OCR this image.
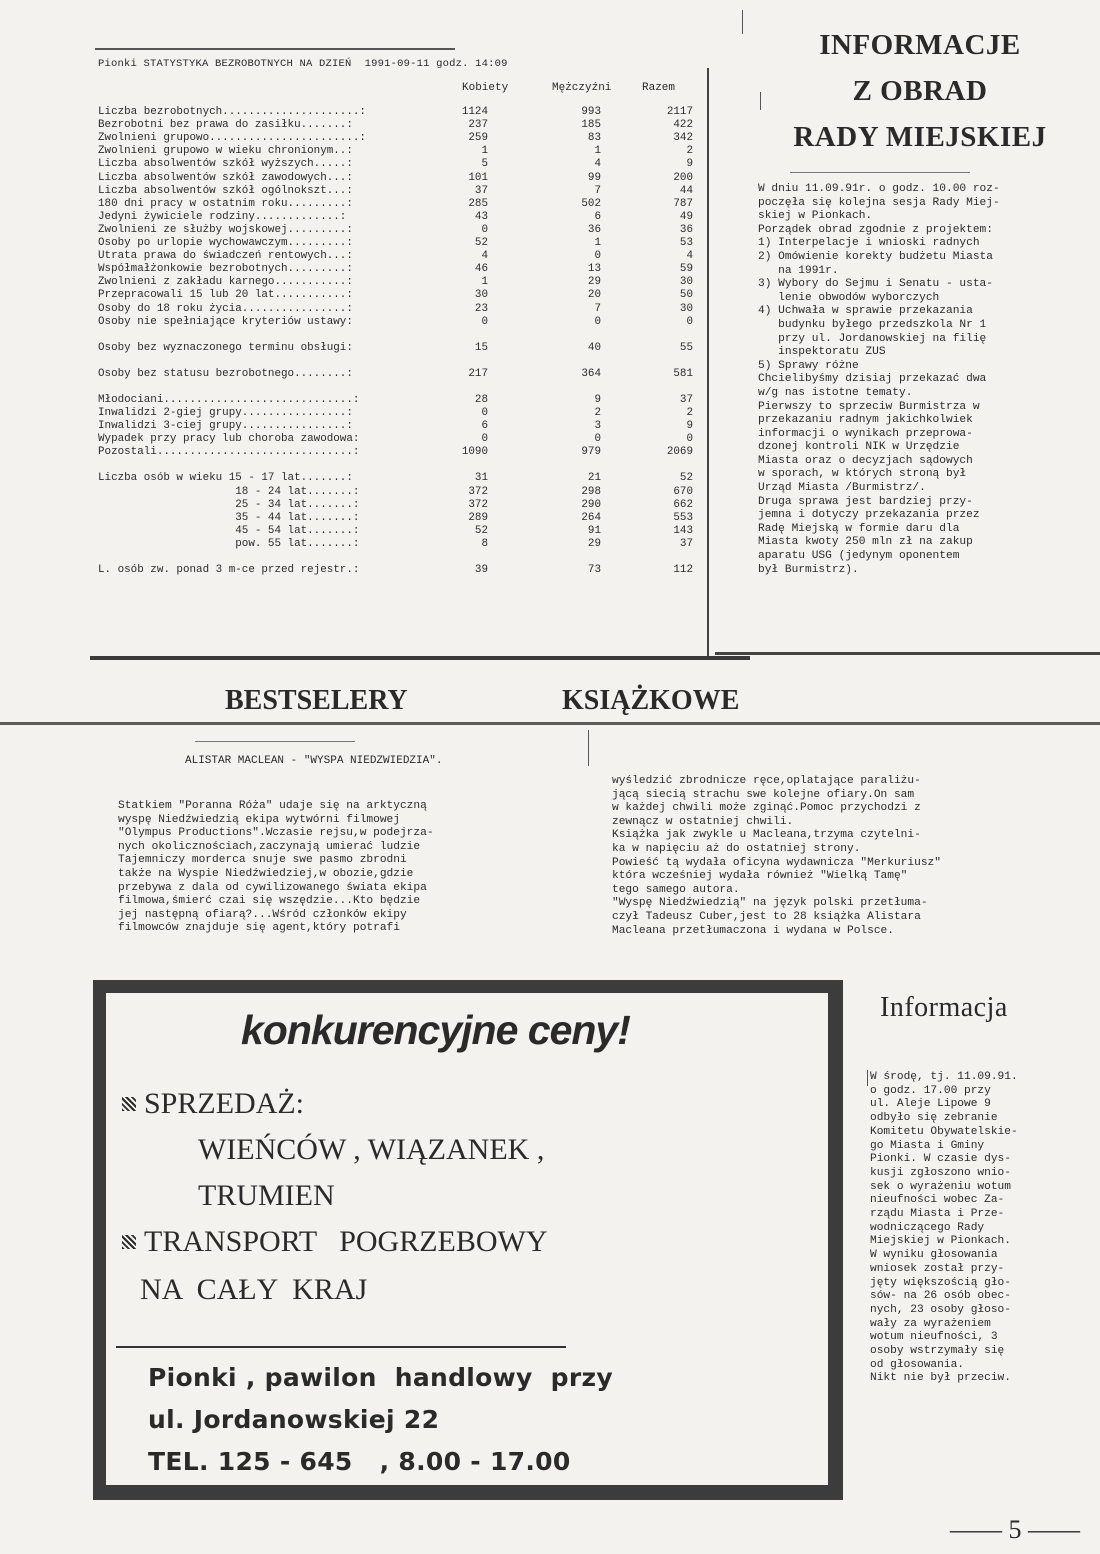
Pionki STATYSTYKA BEZROBOTNYCH NA DZIEŃ 1991-09-11 godz. 14:09
Kobiety	Mężczyźni	Razem
Liczba bezrobotnych.....................:	1124	993	2117
Bezrobotni bez prawa do zasiłku.......:	237	185	422
Zwolnieni grupowo.......................:	259	83	342
Zwolnieni grupowo w wieku chronionym..:	1	1	2
Liczba absolwentów szkół wyższych.....:	5	4	9
Liczba absolwentów szkół zawodowych...:	101	99	200
Liczba absolwentów szkół ogólnokszt...:	37	7	44
180 dni pracy w ostatnim roku.........:	285	502	787
Jedyni żywiciele rodziny.............:	43	6	49
Zwolnieni ze służby wojskowej.........:	0	36	36
Osoby po urlopie wychowawczym.........:	52	1	53
Utrata prawa do świadczeń rentowych...:	4	0	4
Współmałżonkowie bezrobotnych.........:	46	13	59
Zwolnieni z zakładu karnego...........:	1	29	30
Przepracowali 15 lub 20 lat...........:	30	20	50
Osoby do 18 roku życia................:	23	7	30
Osoby nie spełniające kryteriów ustawy:	0	0	0
Osoby bez wyznaczonego terminu obsługi:	15	40	55
Osoby bez statusu bezrobotnego........:	217	364	581
Młodociani.............................:	28	9	37
Inwalidzi 2-giej grupy................:	0	2	2
Inwalidzi 3-ciej grupy................:	6	3	9
Wypadek przy pracy lub choroba zawodowa:	0	0	0
Pozostali..............................:	1090	979	2069
Liczba osób w wieku 15 - 17 lat.......:	31	21	52
18 - 24 lat.......:	372	298	670
25 - 34 lat.......:	372	290	662
35 - 44 lat.......:	289	264	553
45 - 54 lat.......:	52	91	143
pow. 55 lat.......:	8	29	37
L. osób zw. ponad 3 m-ce przed rejestr.:	39	73	112
INFORMACJE
Z OBRAD
RADY MIEJSKIEJ
W dniu 11.09.91r. o godz. 10.00 roz-
poczęła się kolejna sesja Rady Miej-
skiej w Pionkach.
Porządek obrad zgodnie z projektem:
1) Interpelacje i wnioski radnych
2) Omówienie korekty budżetu Miasta
na 1991r.
3) Wybory do Sejmu i Senatu - usta-
lenie obwodów wyborczych
4) Uchwała w sprawie przekazania
budynku byłego przedszkola Nr 1
przy ul. Jordanowskiej na filię
inspektoratu ZUS
5) Sprawy różne
Chcielibyśmy dzisiaj przekazać dwa
w/g nas istotne tematy.
Pierwszy to sprzeciw Burmistrza w
przekazaniu radnym jakichkolwiek
informacji o wynikach przeprowa-
dzonej kontroli NIK w Urzędzie
Miasta oraz o decyzjach sądowych
w sporach, w których stroną był
Urząd Miasta /Burmistrz/.
Druga sprawa jest bardziej przy-
jemna i dotyczy przekazania przez
Radę Miejską w formie daru dla
Miasta kwoty 250 mln zł na zakup
aparatu USG (jedynym oponentem
był Burmistrz).
BESTSELERY	KSIĄŻKOWE
ALISTAR MACLEAN - "WYSPA NIEDZWIEDZIA".
Statkiem "Poranna Róża" udaje się na arktyczną
wyspę Niedźwiedzią ekipa wytwórni filmowej
"Olympus Productions".Wczasie rejsu,w podejrza-
nych okolicznościach,zaczynają umierać ludzie
Tajemniczy morderca snuje swe pasmo zbrodni
także na Wyspie Niedźwiedziej,w obozie,gdzie
przebywa z dala od cywilizowanego świata ekipa
filmowa,śmierć czai się wszędzie...Kto będzie
jej następną ofiarą?...Wśród członków ekipy
filmowców znajduje się agent,który potrafi
wyśledzić zbrodnicze ręce,oplatające paraliżu-
jącą siecią strachu swe kolejne ofiary.On sam
w każdej chwili może zginąć.Pomoc przychodzi z
zewnącz w ostatniej chwili.
Książka jak zwykle u Macleana,trzyma czytelni-
ka w napięciu aż do ostatniej strony.
Powieść tą wydała oficyna wydawnicza "Merkuriusz"
która wcześniej wydała również "Wielką Tamę"
tego samego autora.
"Wyspę Niedźwiedzią" na język polski przetłuma-
czył Tadeusz Cuber,jest to 28 książka Alistara
Macleana przetłumaczona i wydana w Polsce.
konkurencyjne ceny!
SPRZEDAŻ:
WIEŃCÓW , WIĄZANEK ,
TRUMIEN
TRANSPORT   POGRZEBOWY
NA  CAŁY  KRAJ
Pionki , pawilon  handlowy  przy
ul. Jordanowskiej 22
TEL. 125 - 645   , 8.00 - 17.00
Informacja
W środę, tj. 11.09.91.
o godz. 17.00 przy
ul. Aleje Lipowe 9
odbyło się zebranie
Komitetu Obywatelskie-
go Miasta i Gminy
Pionki. W czasie dys-
kusji zgłoszono wnio-
sek o wyrażeniu wotum
nieufności wobec Za-
rządu Miasta i Prze-
wodniczącego Rady
Miejskiej w Pionkach.
W wyniku głosowania
wniosek został przy-
jęty większością gło-
sów- na 26 osób obec-
nych, 23 osoby głoso-
wały za wyrażeniem
wotum nieufności, 3
osoby wstrzymały się
od głosowania.
Nikt nie był przeciw.
—— 5 ——
